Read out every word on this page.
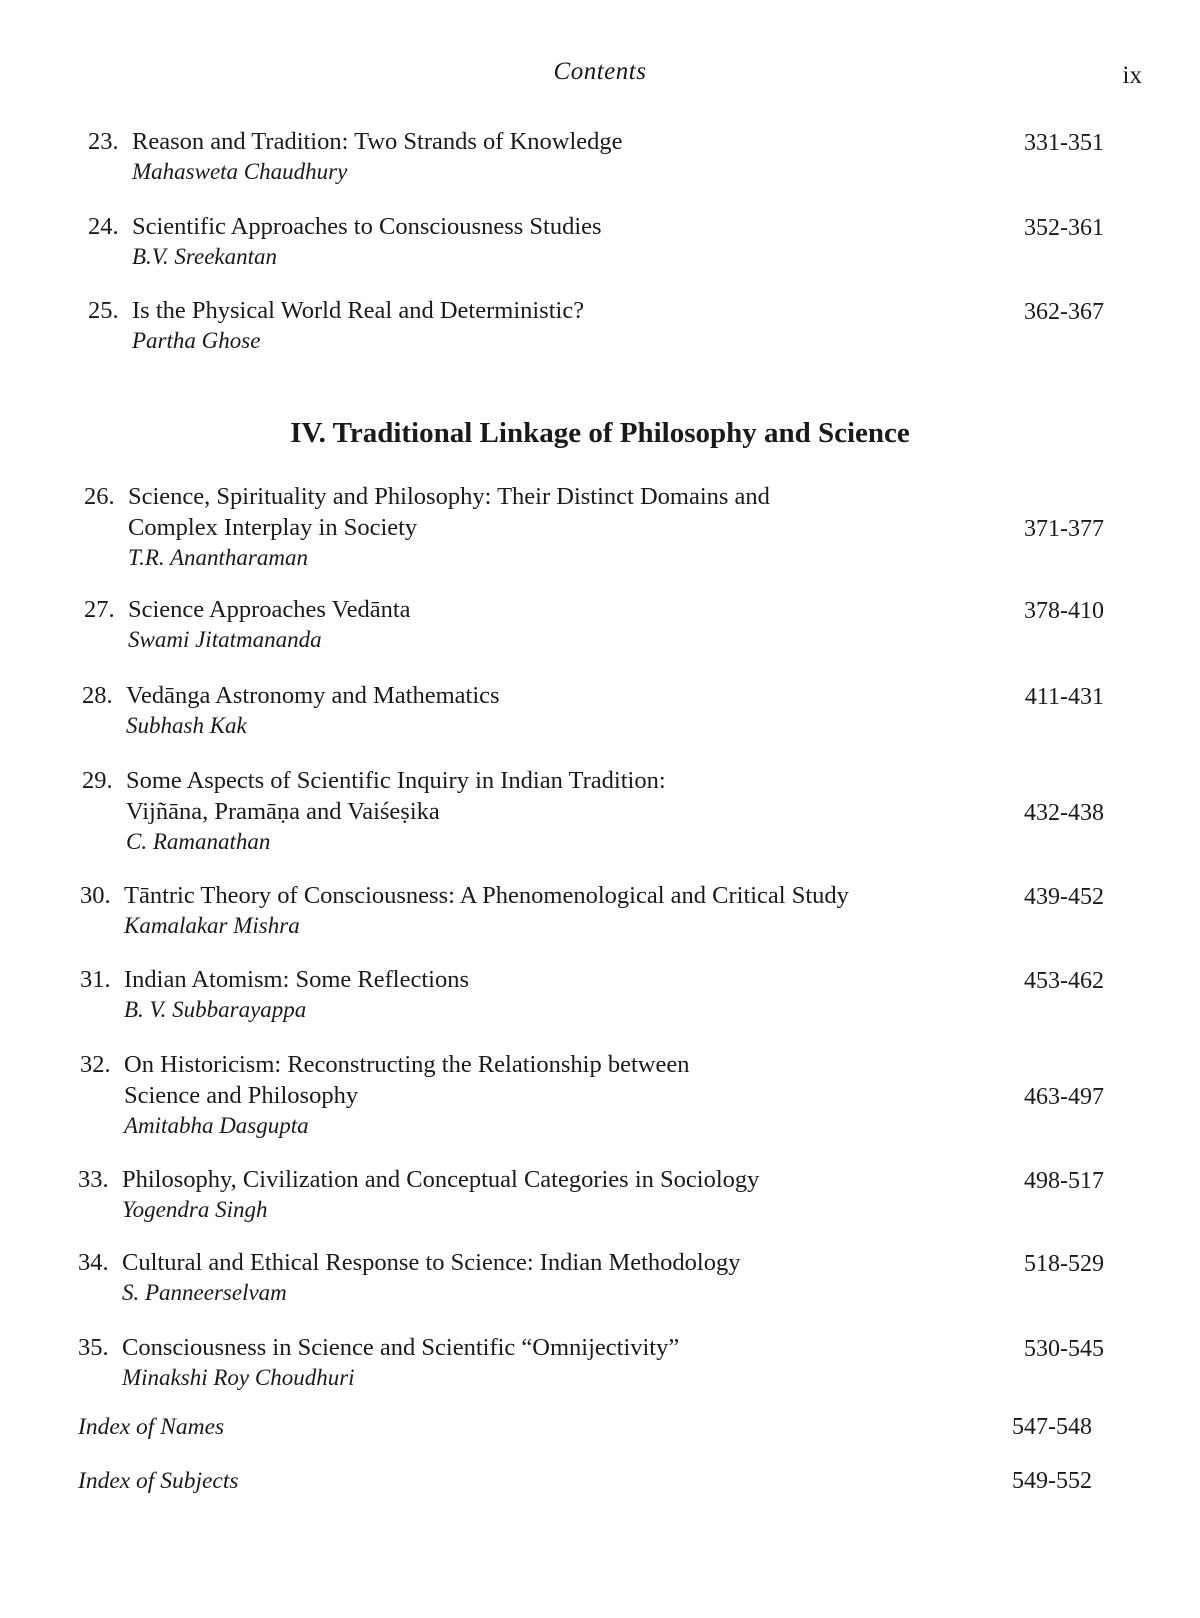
Contents	ix
23. Reason and Tradition: Two Strands of Knowledge
Mahasweta Chaudhury
331-351
24. Scientific Approaches to Consciousness Studies
B.V. Sreekantan
352-361
25. Is the Physical World Real and Deterministic?
Partha Ghose
362-367
IV. Traditional Linkage of Philosophy and Science
26. Science, Spirituality and Philosophy: Their Distinct Domains and
Complex Interplay in Society
T.R. Anantharaman
371-377
27. Science Approaches Vedānta
Swami Jitatmananda
378-410
28. Vedānga Astronomy and Mathematics
Subhash Kak
411-431
29. Some Aspects of Scientific Inquiry in Indian Tradition:
Vijñāna, Pramāṇa and Vaiśeṣika
C. Ramanathan
432-438
30. Tāntric Theory of Consciousness: A Phenomenological and Critical Study
Kamalakar Mishra
439-452
31. Indian Atomism: Some Reflections
B. V. Subbarayappa
453-462
32. On Historicism: Reconstructing the Relationship between
Science and Philosophy
Amitabha Dasgupta
463-497
33. Philosophy, Civilization and Conceptual Categories in Sociology
Yogendra Singh
498-517
34. Cultural and Ethical Response to Science: Indian Methodology
S. Panneerselvam
518-529
35. Consciousness in Science and Scientific “Omnijectivity”
Minakshi Roy Choudhuri
530-545
Index of Names	547-548
Index of Subjects	549-552
